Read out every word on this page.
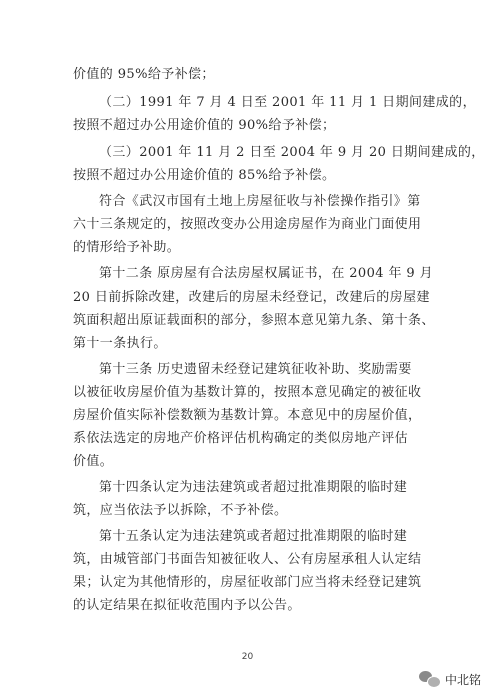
价值的 95%给予补偿；
（二）1991 年 7 月 4 日至 2001 年 11 月 1 日期间建成的，
按照不超过办公用途价值的 90%给予补偿；
（三）2001 年 11 月 2 日至 2004 年 9 月 20 日期间建成的，
按照不超过办公用途价值的 85%给予补偿。
符合《武汉市国有土地上房屋征收与补偿操作指引》第
六十三条规定的，按照改变办公用途房屋作为商业门面使用
的情形给予补助。
第十二条 原房屋有合法房屋权属证书，在 2004 年 9 月
20 日前拆除改建，改建后的房屋未经登记，改建后的房屋建
筑面积超出原证载面积的部分，参照本意见第九条、第十条、
第十一条执行。
第十三条 历史遗留未经登记建筑征收补助、奖励需要
以被征收房屋价值为基数计算的，按照本意见确定的被征收
房屋价值实际补偿数额为基数计算。本意见中的房屋价值，
系依法选定的房地产价格评估机构确定的类似房地产评估
价值。
第十四条认定为违法建筑或者超过批准期限的临时建
筑，应当依法予以拆除，不予补偿。
第十五条认定为违法建筑或者超过批准期限的临时建
筑，由城管部门书面告知被征收人、公有房屋承租人认定结
果；认定为其他情形的，房屋征收部门应当将未经登记建筑
的认定结果在拟征收范围内予以公告。
20
中北铭
